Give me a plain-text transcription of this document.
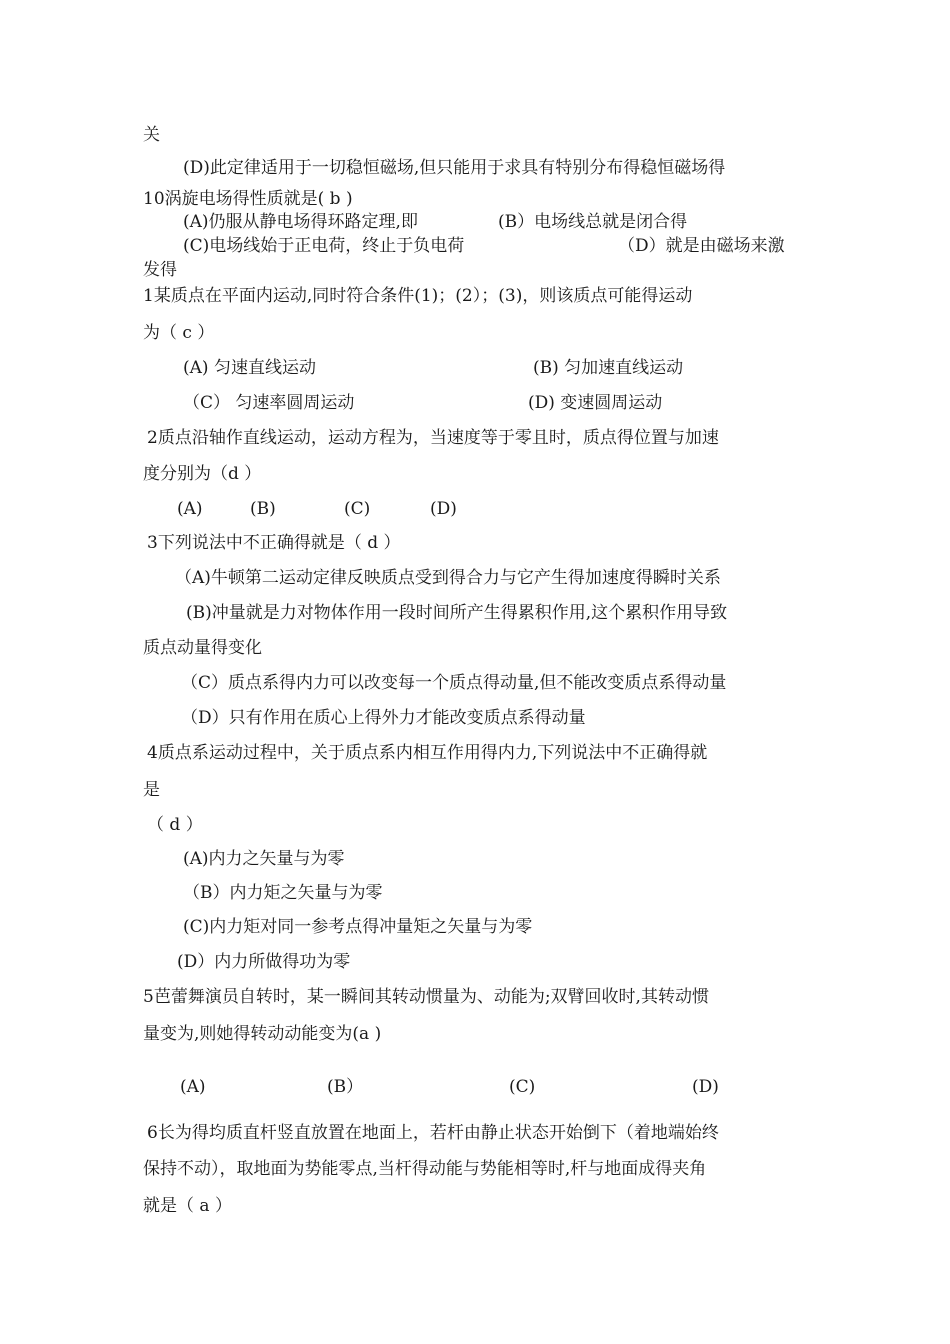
关
(D)此定律适用于一切稳恒磁场,但只能用于求具有特别分布得稳恒磁场得
10涡旋电场得性质就是( b )
(A)仍服从静电场得环路定理,即	(B）电场线总就是闭合得
(C)电场线始于正电荷，终止于负电荷	（D）就是由磁场来激
发得
1某质点在平面内运动,同时符合条件(1)；(2）；(3)，则该质点可能得运动
为（ c ）
(A) 匀速直线运动	(B) 匀加速直线运动
（C） 匀速率圆周运动	(D) 变速圆周运动
2质点沿轴作直线运动，运动方程为，当速度等于零且时，质点得位置与加速
度分别为（d ）
(A)	(B)	(C)	(D)
3下列说法中不正确得就是（ d ）
（A)牛顿第二运动定律反映质点受到得合力与它产生得加速度得瞬时关系
(B)冲量就是力对物体作用一段时间所产生得累积作用,这个累积作用导致
质点动量得变化
（C）质点系得内力可以改变每一个质点得动量,但不能改变质点系得动量
（D）只有作用在质心上得外力才能改变质点系得动量
4质点系运动过程中，关于质点系内相互作用得内力,下列说法中不正确得就
是
（ d ）
(A)内力之矢量与为零
（B）内力矩之矢量与为零
(C)内力矩对同一参考点得冲量矩之矢量与为零
(D）内力所做得功为零
5芭蕾舞演员自转时，某一瞬间其转动惯量为、动能为;双臂回收时,其转动惯
量变为,则她得转动动能变为(a )
(A)	(B）	(C)	(D)
6长为得均质直杆竖直放置在地面上，若杆由静止状态开始倒下（着地端始终
保持不动），取地面为势能零点,当杆得动能与势能相等时,杆与地面成得夹角
就是（ a ）
